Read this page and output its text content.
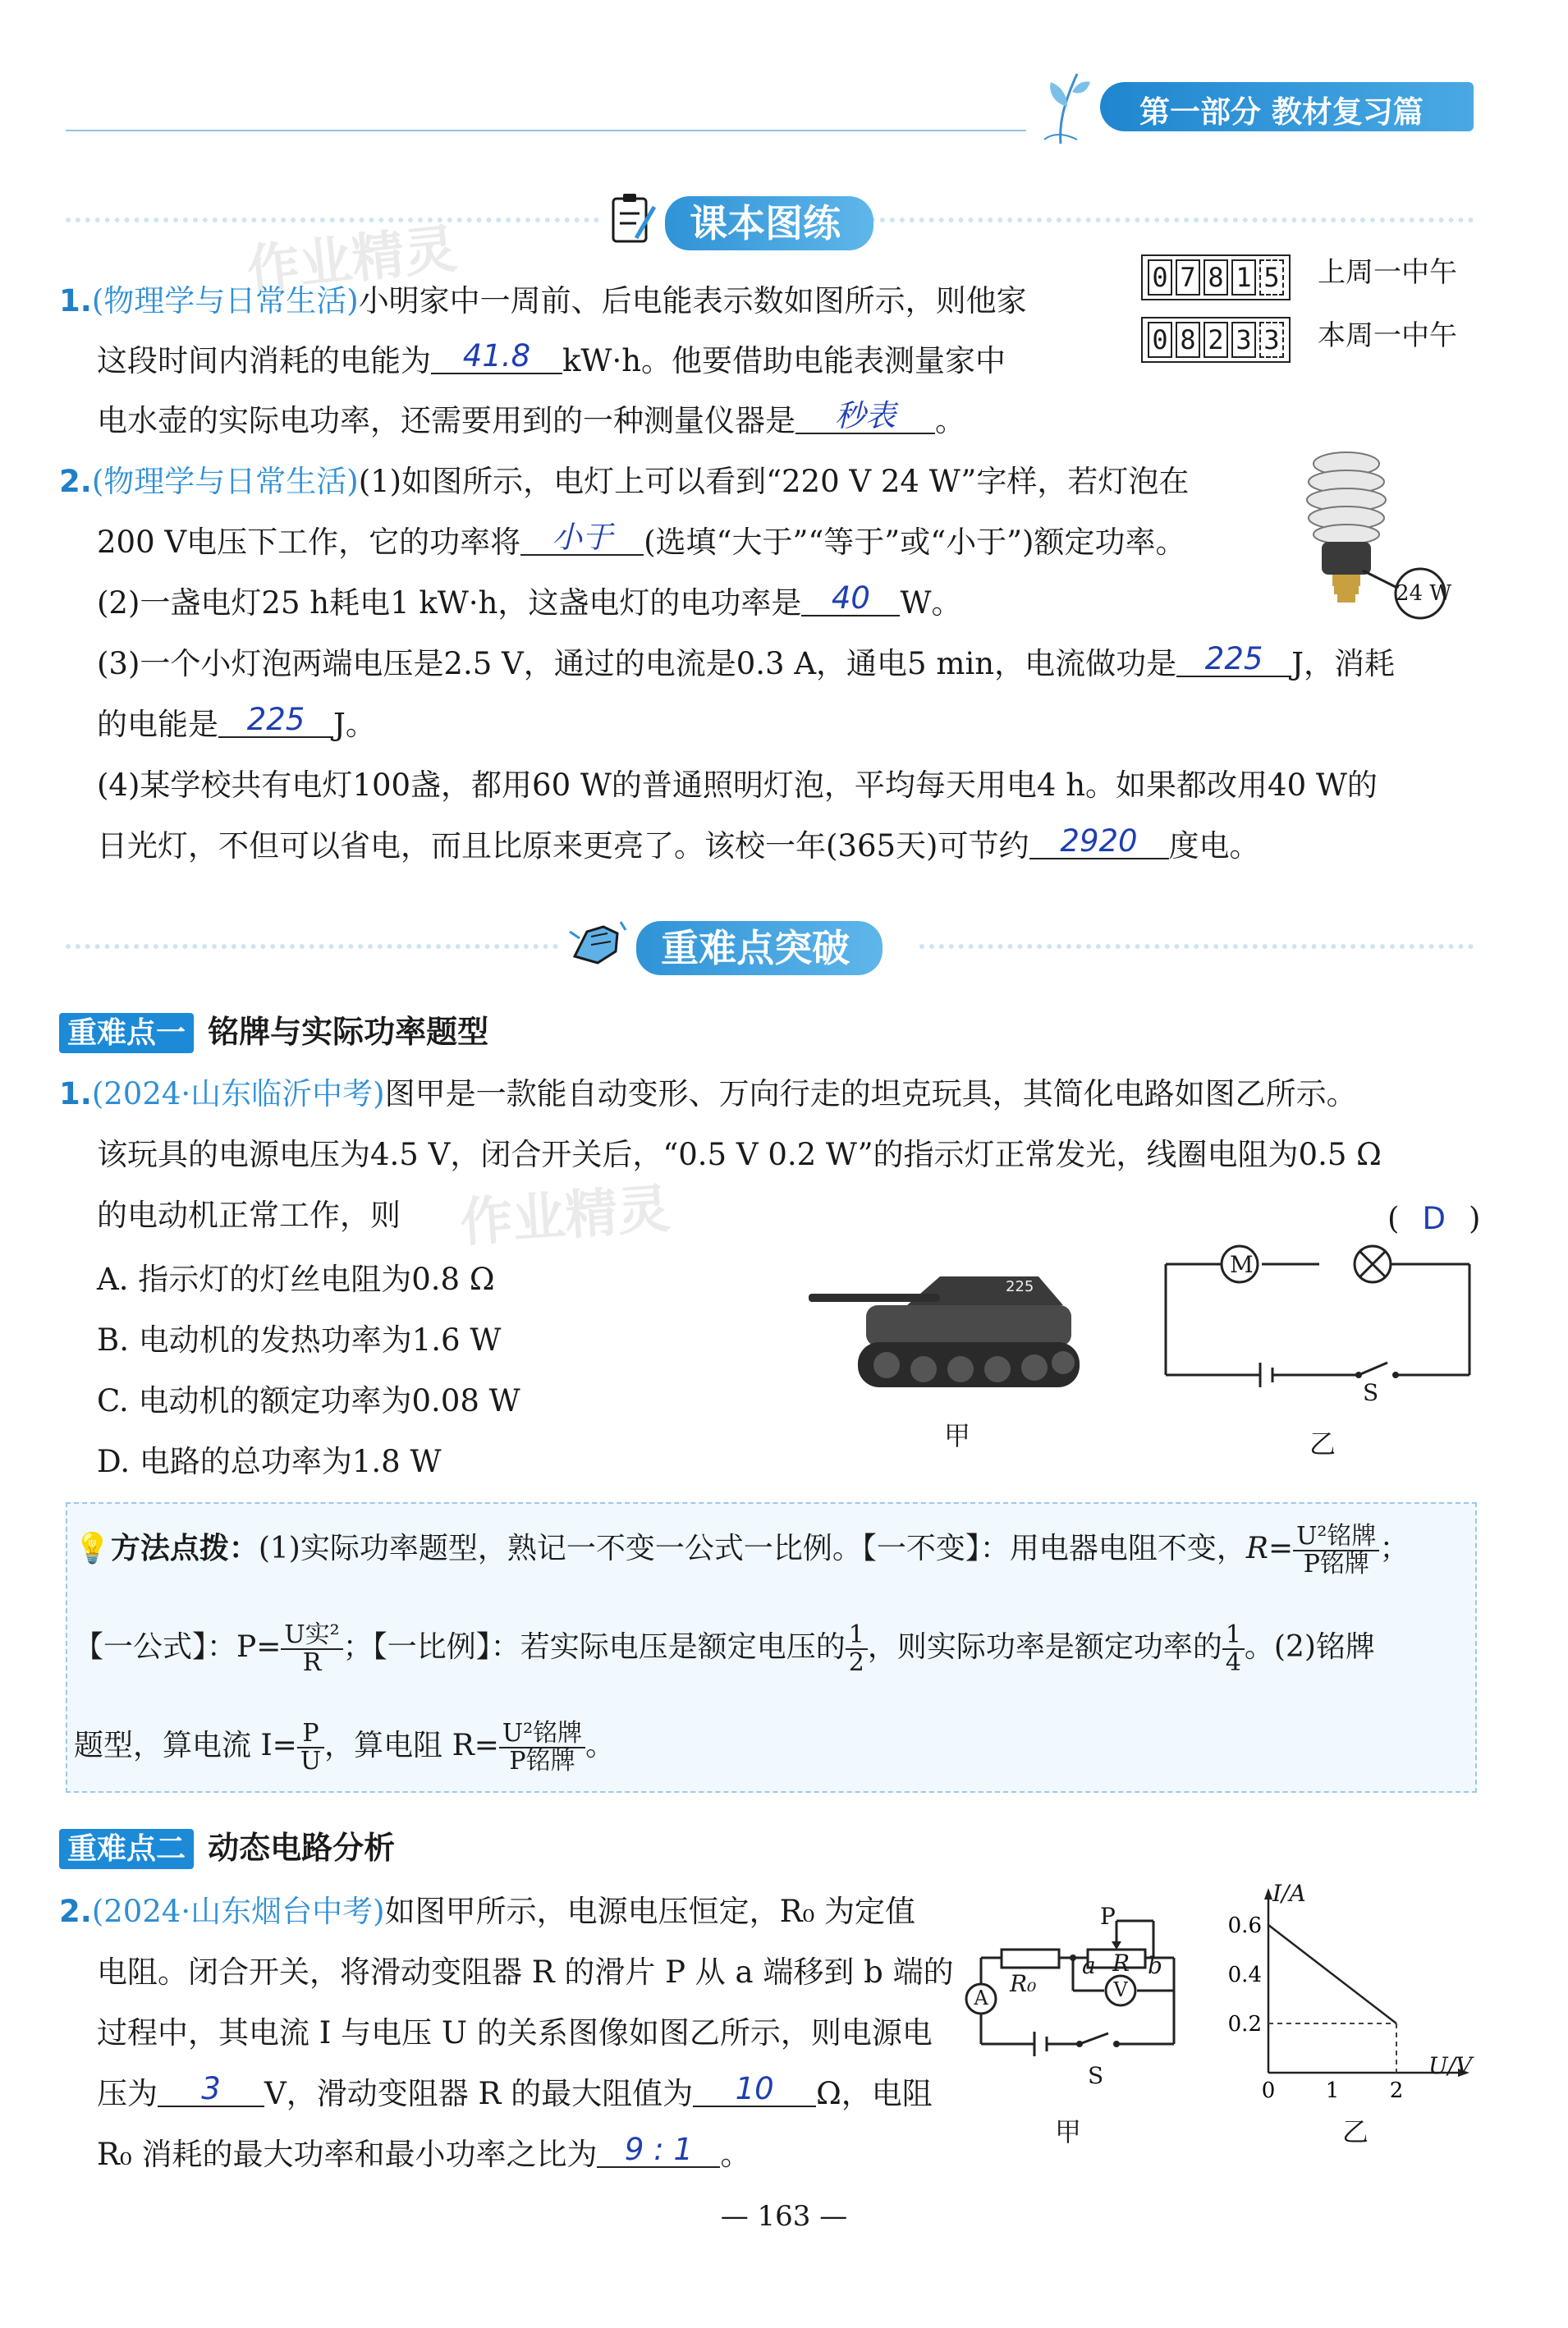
第一部分 教材复习篇
课本图练
作业精灵
1.(物理学与日常生活)小明家中一周前、后电能表示数如图所示，则他家
这段时间内消耗的电能为 41.8 kW·h。他要借助电能表测量家中
电水壶的实际电功率，还需要用到的一种测量仪器是 秒表 。
0 7 8 1 5	上周一中午
0 8 2 3 3	本周一中午
2.(物理学与日常生活)(1)如图所示，电灯上可以看到“220 V 24 W”字样，若灯泡在
200 V电压下工作，它的功率将 小于 (选填“大于”“等于”或“小于”)额定功率。
(2)一盏电灯25 h耗电1 kW·h，这盏电灯的电功率是 40 W。
(3)一个小灯泡两端电压是2.5 V，通过的电流是0.3 A，通电5 min，电流做功是 225 J，消耗
的电能是 225 J。
(4)某学校共有电灯100盏，都用60 W的普通照明灯泡，平均每天用电4 h。如果都改用40 W的
日光灯，不但可以省电，而且比原来更亮了。该校一年(365天)可节约 2920 度电。
24 W
重难点突破
重难点一 铭牌与实际功率题型
1.(2024·山东临沂中考)图甲是一款能自动变形、万向行走的坦克玩具，其简化电路如图乙所示。
该玩具的电源电压为4.5 V，闭合开关后，“0.5 V 0.2 W”的指示灯正常发光，线圈电阻为0.5 Ω
的电动机正常工作，则 作业精灵	( D )
A. 指示灯的灯丝电阻为0.8 Ω
B. 电动机的发热功率为1.6 W
C. 电动机的额定功率为0.08 W
D. 电路的总功率为1.8 W
225
甲
M
S
乙
💡方法点拨：(1)实际功率题型，熟记一不变一公式一比例。【一不变】：用电器电阻不变，$R= \frac{\text{U²铭牌}}{\text{P铭牌}}$ ；
【一公式】：$P= \frac{\text{U实²}}{R}$ ；【一比例】：若实际电压是额定电压的 $\frac{1}{2}$ ，则实际功率是额定功率的 $\frac{1}{4}$ 。(2)铭牌
题型，算电流 $I= \frac{P}{U}$ ，算电阻 $R= \frac{\text{U²铭牌}}{\text{P铭牌}}$ 。
重难点二 动态电路分析
2.(2024·山东烟台中考)如图甲所示，电源电压恒定，R₀ 为定值
电阻。闭合开关，将滑动变阻器 R 的滑片 P 从 a 端移到 b 端的
过程中，其电流 I 与电压 U 的关系图像如图乙所示，则电源电
压为 3 V，滑动变阻器 R 的最大阻值为 10 Ω，电阻
R₀ 消耗的最大功率和最小功率之比为 9 : 1 。
R₀
R
P
a b
A	V
S
甲
0.6
0.4
0.2
0 1 2
I/A
U/V
乙
— 163 —
